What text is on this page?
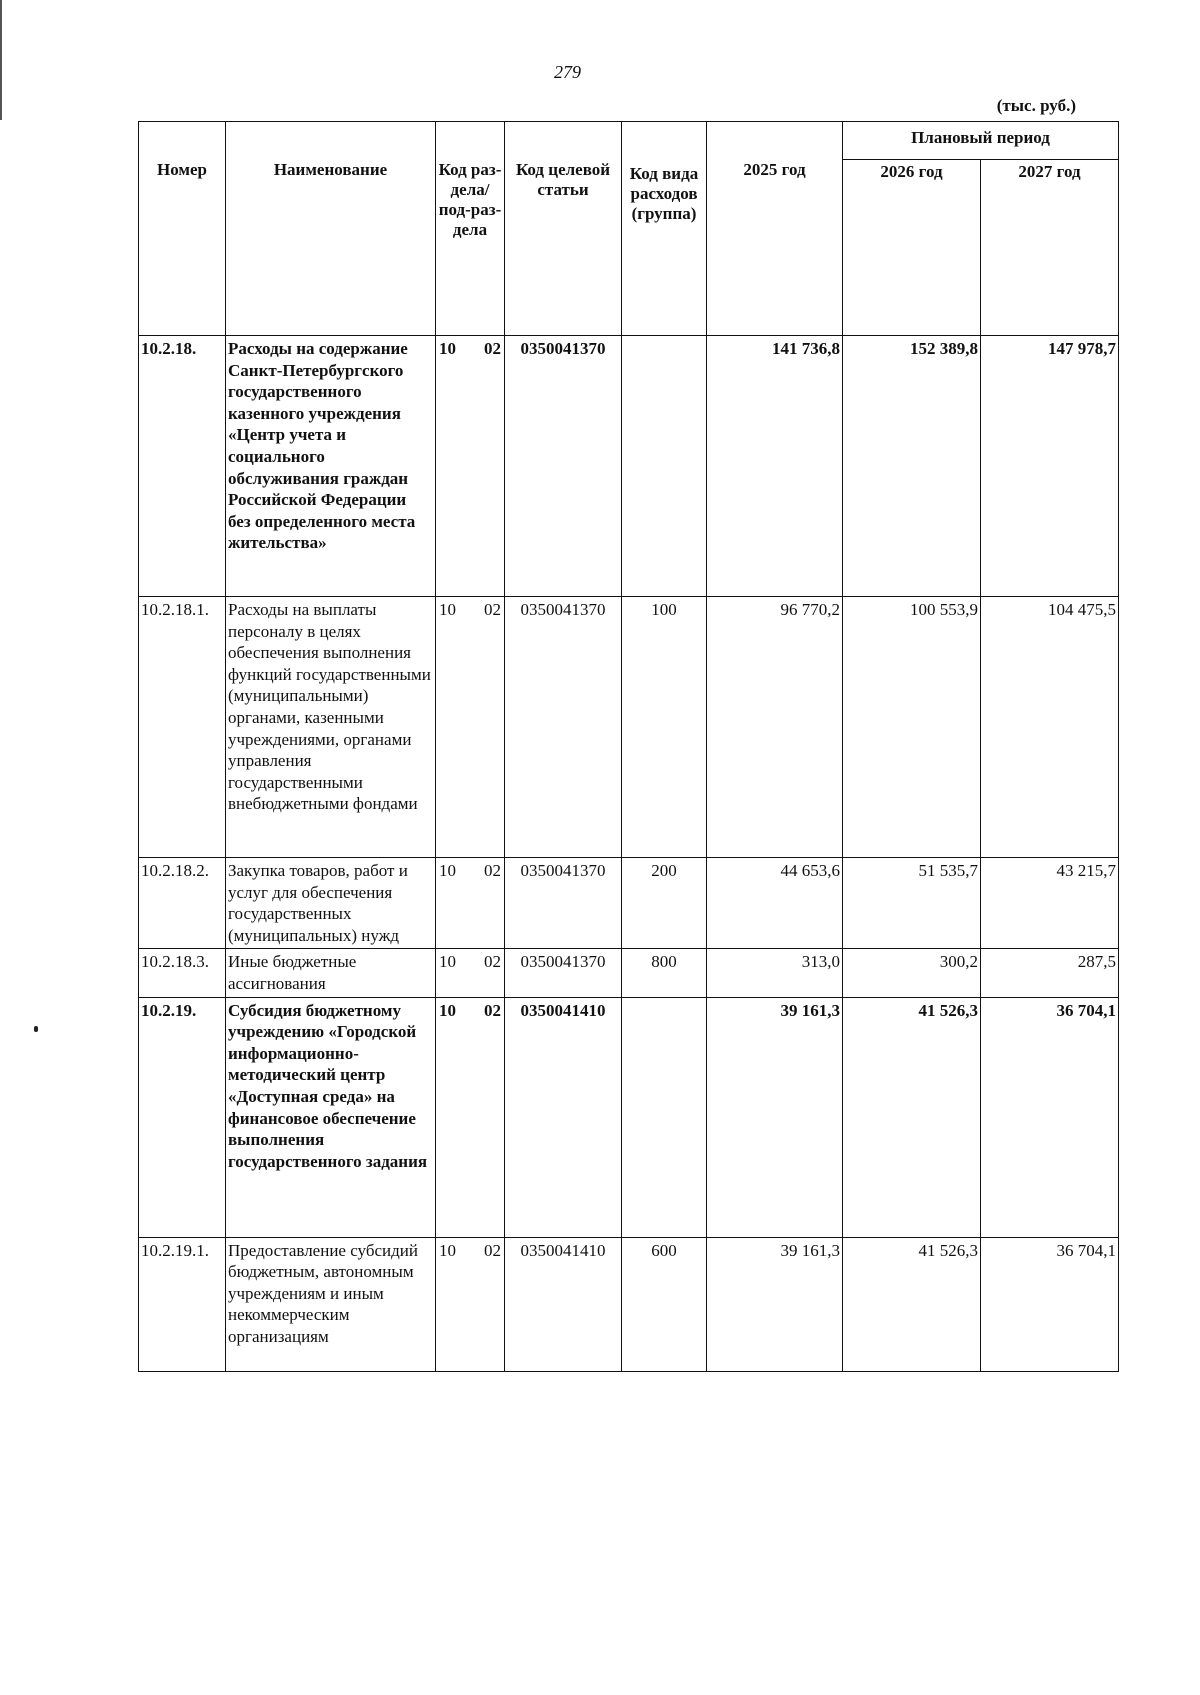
279
(тыс. руб.)
Номер	Наименование	Код раз-дела/ под-раз-дела	Код целевой статьи	Код вида расходов (группа)	2025 год	Плановый период	
						2026 год	2027 год
10.2.18.	Расходы на содержание Санкт-Петербургского государственного казенного учреждения «Центр учета и социального обслуживания граждан Российской Федерации без определенного места жительства»	10 02	0350041370		141 736,8	152 389,8	147 978,7
10.2.18.1.	Расходы на выплаты персоналу в целях обеспечения выполнения функций государственными (муниципальными) органами, казенными учреждениями, органами управления государственными внебюджетными фондами	10 02	0350041370	100	96 770,2	100 553,9	104 475,5
10.2.18.2.	Закупка товаров, работ и услуг для обеспечения государственных (муниципальных) нужд	10 02	0350041370	200	44 653,6	51 535,7	43 215,7
10.2.18.3.	Иные бюджетные ассигнования	10 02	0350041370	800	313,0	300,2	287,5
10.2.19.	Субсидия бюджетному учреждению «Городской информационно-методический центр «Доступная среда» на финансовое обеспечение выполнения государственного задания	10 02	0350041410		39 161,3	41 526,3	36 704,1
10.2.19.1.	Предоставление субсидий бюджетным, автономным учреждениям и иным некоммерческим организациям	10 02	0350041410	600	39 161,3	41 526,3	36 704,1
